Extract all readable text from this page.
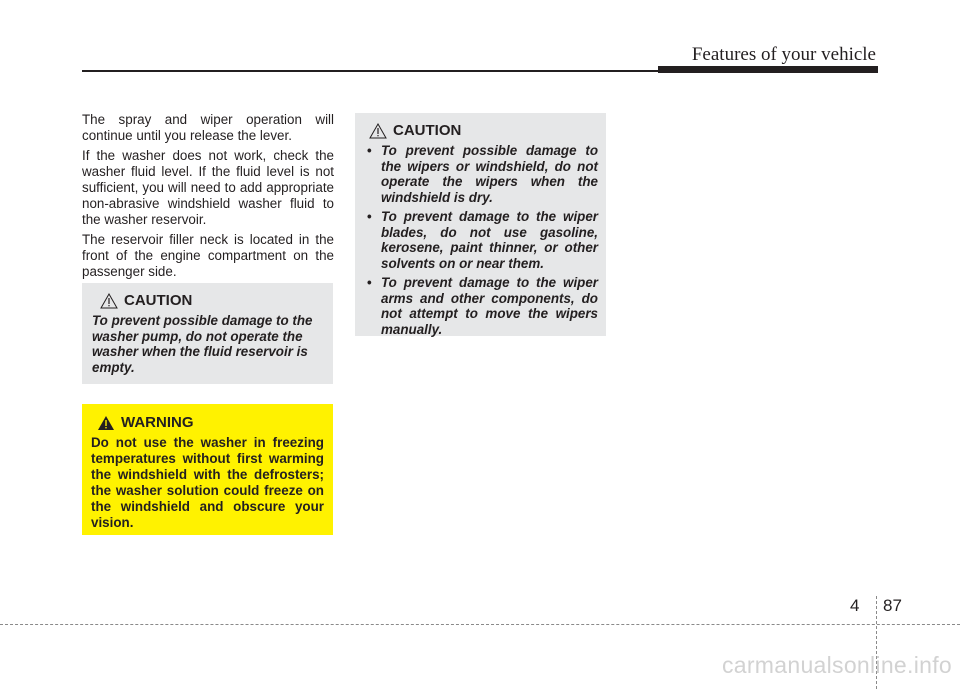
Features of your vehicle

The spray and wiper operation will continue until you release the lever.

If the washer does not work, check the washer fluid level. If the fluid level is not sufficient, you will need to add appropriate non-abrasive windshield washer fluid to the washer reservoir.

The reservoir filler neck is located in the front of the engine compartment on the passenger side.

CAUTION

To prevent possible damage to the washer pump, do not operate the washer when the fluid reservoir is empty.

WARNING

Do not use the washer in freezing temperatures without first warming the windshield with the defrosters; the washer solution could freeze on the windshield and obscure your vision.

CAUTION
• To prevent possible damage to the wipers or windshield, do not operate the wipers when the windshield is dry.
• To prevent damage to the wiper blades, do not use gasoline, kerosene, paint thinner, or other solvents on or near them.
• To prevent damage to the wiper arms and other components, do not attempt to move the wipers manually.
4 87
carmanualsonline.info
